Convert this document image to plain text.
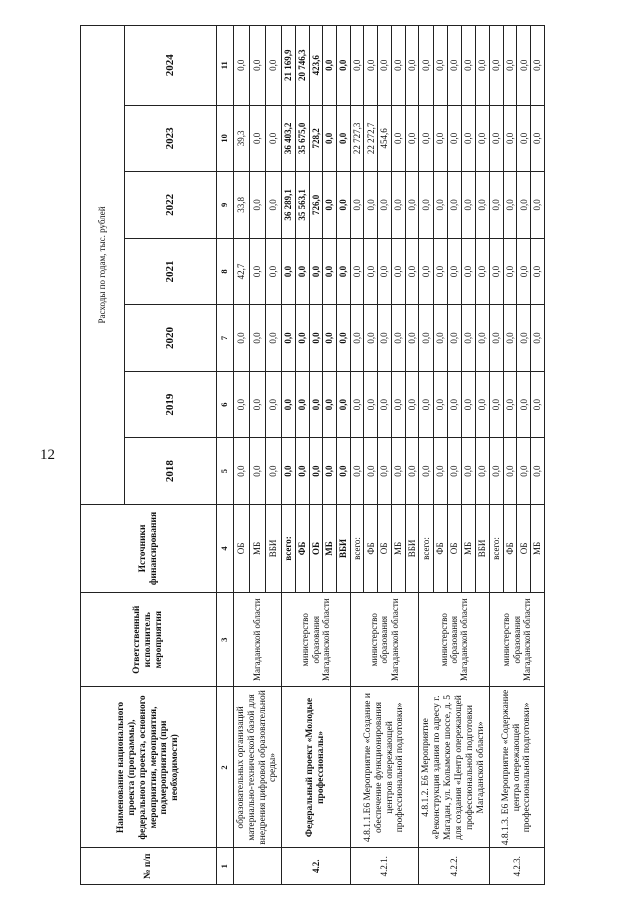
12
№ п/п	Наименование национального проекта (программы), федерального проекта, основного мероприятия, мероприятия, подмероприятия (при необходимости)	Ответственный исполнитель мероприятия	Источники финансирования	Расходы по годам, тыс. рублей						
				2018	2019	2020	2021	2022	2023	2024
1	2	3	4	5	6	7	8	9	10	11
	образовательных организаций материально-технической базой для внедрения цифровой образовательной среды»	Магаданской области	ОБ	0,0	0,0	0,0	42,7	33,8	39,3	0,0
			МБ	0,0	0,0	0,0	0,0	0,0	0,0	0,0
			ВБИ	0,0	0,0	0,0	0,0	0,0	0,0	0,0
4.2.	Федеральный проект «Молодые профессионалы»	министерство образования Магаданской области	всего:	0,0	0,0	0,0	0,0	36 289,1	36 403,2	21 169,9
			ФБ	0,0	0,0	0,0	0,0	35 563,1	35 675,0	20 746,3
			ОБ	0,0	0,0	0,0	0,0	726,0	728,2	423,6
			МБ	0,0	0,0	0,0	0,0	0,0	0,0	0,0
			ВБИ	0,0	0,0	0,0	0,0	0,0	0,0	0,0
4.2.1.	4.8.1.1.Е6 Мероприятие «Создание и обеспечение функционирования центров опережающей профессиональной подготовки»	министерство образования Магаданской области	всего:	0,0	0,0	0,0	0,0	0,0	22 727,3	0,0
			ФБ	0,0	0,0	0,0	0,0	0,0	22 272,7	0,0
			ОБ	0,0	0,0	0,0	0,0	0,0	454,6	0,0
			МБ	0,0	0,0	0,0	0,0	0,0	0,0	0,0
			ВБИ	0,0	0,0	0,0	0,0	0,0	0,0	0,0
4.2.2.	4.8.1.2. Е6 Мероприятие «Реконструкция здания по адресу г. Магадан, ул. Колымское шоссе, д. 5 для создания «Центр опережающей профессиональной подготовки Магаданской области»	министерство образования Магаданской области	всего:	0,0	0,0	0,0	0,0	0,0	0,0	0,0
			ФБ	0,0	0,0	0,0	0,0	0,0	0,0	0,0
			ОБ	0,0	0,0	0,0	0,0	0,0	0,0	0,0
			МБ	0,0	0,0	0,0	0,0	0,0	0,0	0,0
			ВБИ	0,0	0,0	0,0	0,0	0,0	0,0	0,0
4.2.3.	4.8.1.3. Е6 Мероприятие «Содержание центра опережающей профессиональной подготовки»	министерство образования Магаданской области	всего:	0,0	0,0	0,0	0,0	0,0	0,0	0,0
			ФБ	0,0	0,0	0,0	0,0	0,0	0,0	0,0
			ОБ	0,0	0,0	0,0	0,0	0,0	0,0	0,0
			МБ	0,0	0,0	0,0	0,0	0,0	0,0	0,0
